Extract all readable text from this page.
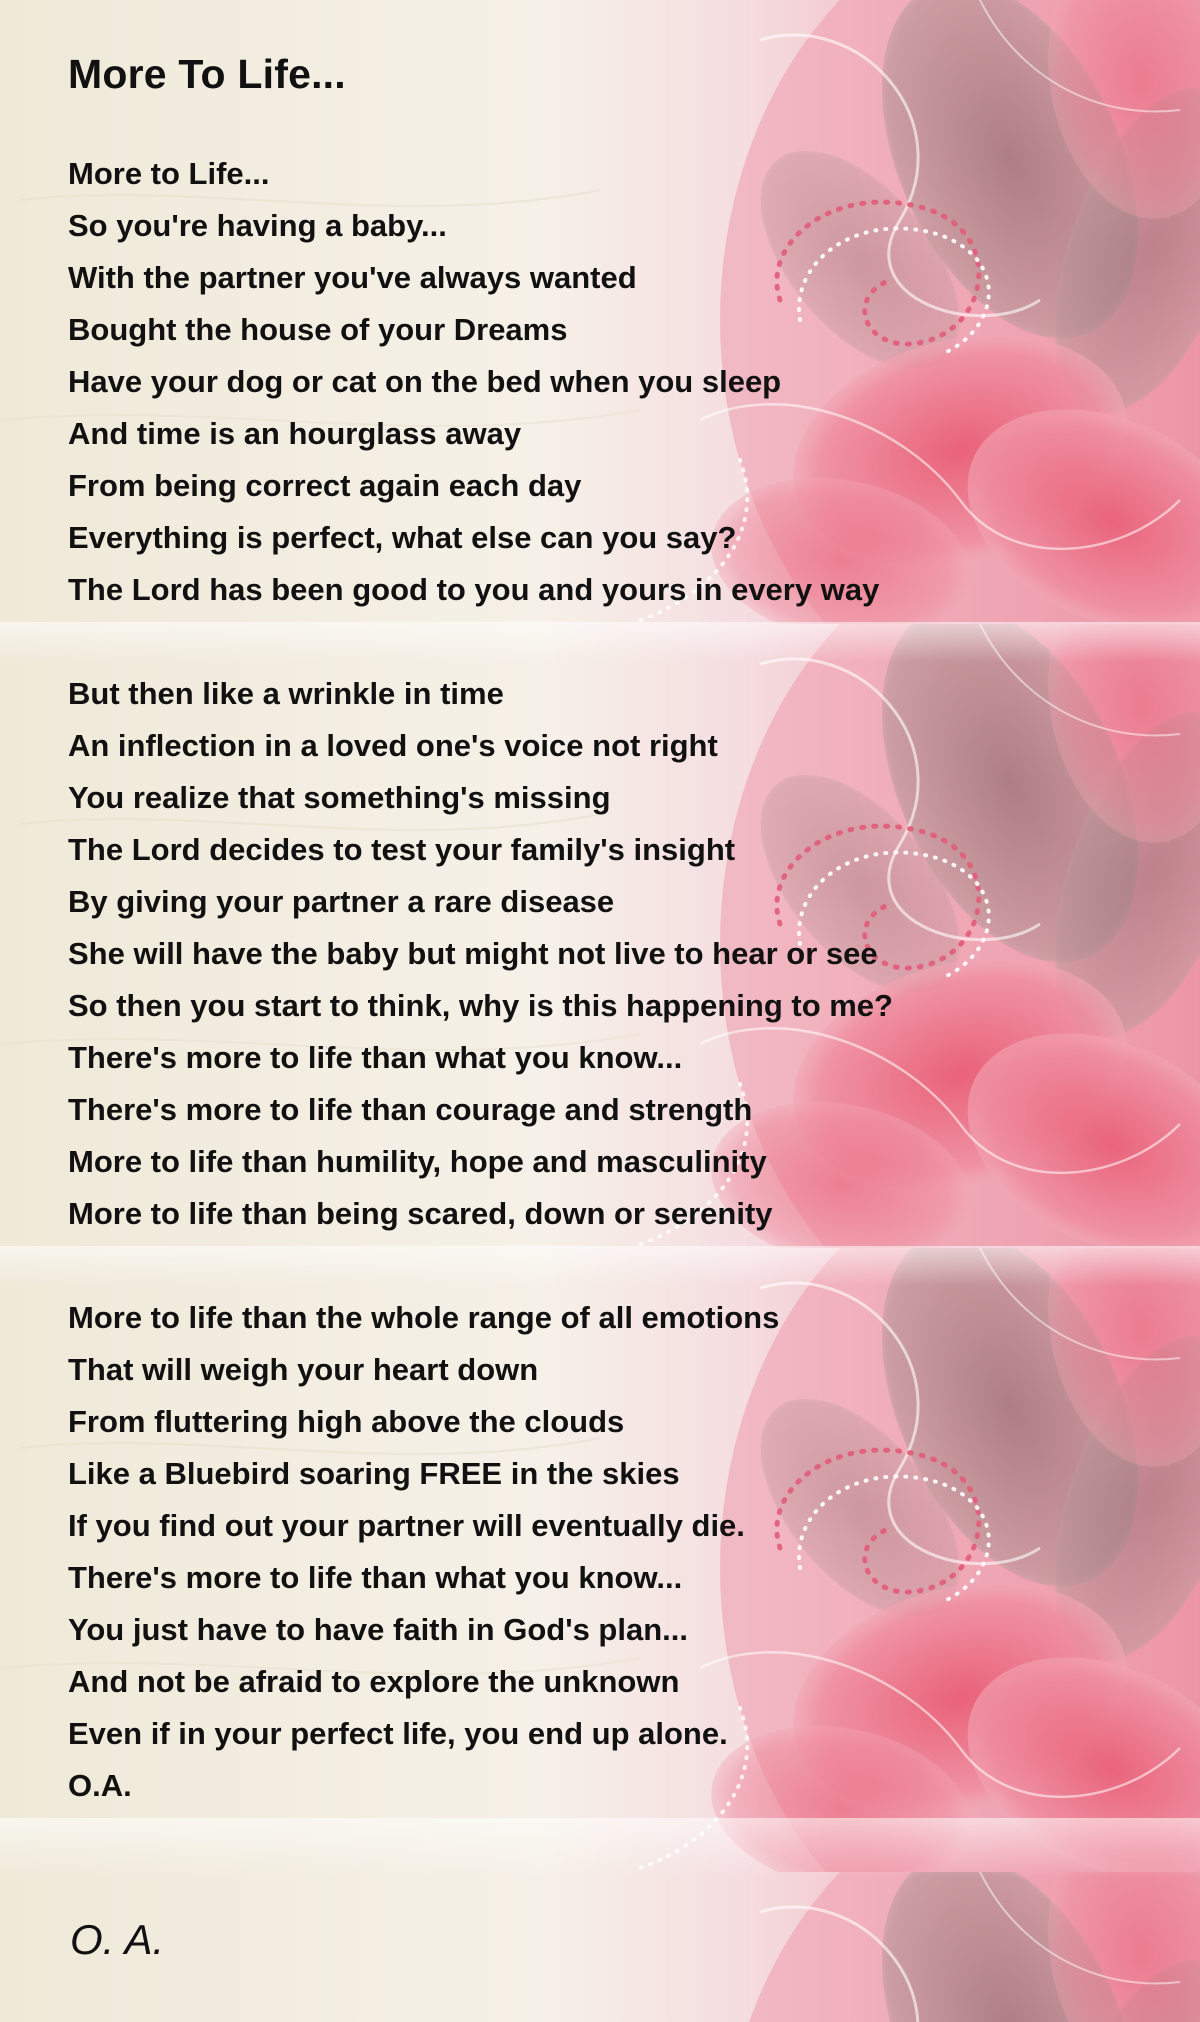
More To Life...
More to Life...
So you're having a baby...
With the partner you've always wanted
Bought the house of your Dreams
Have your dog or cat on the bed when you sleep
And time is an hourglass away
From being correct again each day
Everything is perfect, what else can you say?
The Lord has been good to you and yours in every way
But then like a wrinkle in time
An inflection in a loved one's voice not right
You realize that something's missing
The Lord decides to test your family's insight
By giving your partner a rare disease
She will have the baby but might not live to hear or see
So then you start to think, why is this happening to me?
There's more to life than what you know...
There's more to life than courage and strength
More to life than humility, hope and masculinity
More to life than being scared, down or serenity
More to life than the whole range of all emotions
That will weigh your heart down
From fluttering high above the clouds
Like a Bluebird soaring FREE in the skies
If you find out your partner will eventually die.
There's more to life than what you know...
You just have to have faith in God's plan...
And not be afraid to explore the unknown
Even if in your perfect life, you end up alone.
O.A.

O. A.
